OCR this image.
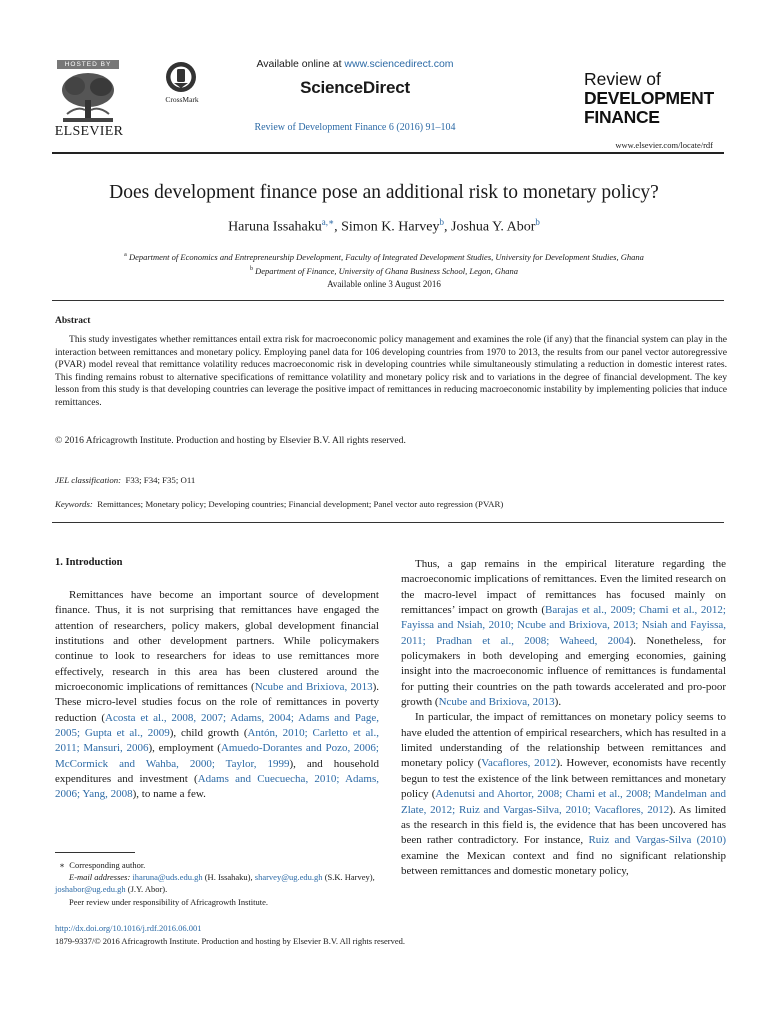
HOSTED BY
ELSEVIER
CrossMark
Available online at www.sciencedirect.com
ScienceDirect
Review of Development Finance 6 (2016) 91–104
Review of
DEVELOPMENT
FINANCE
www.elsevier.com/locate/rdf
Does development finance pose an additional risk to monetary policy?
Haruna Issahaku$^{a,∗}$, Simon K. Harvey$^b$, Joshua Y. Abor$^b$
$^a$ Department of Economics and Entrepreneurship Development, Faculty of Integrated Development Studies, University for Development Studies, Ghana
$^b$ Department of Finance, University of Ghana Business School, Legon, Ghana
Available online 3 August 2016
Abstract
This study investigates whether remittances entail extra risk for macroeconomic policy management and examines the role (if any) that the financial system can play in the interaction between remittances and monetary policy. Employing panel data for 106 developing countries from 1970 to 2013, the results from our panel vector autoregressive (PVAR) model reveal that remittance volatility reduces macroeconomic risk in developing countries while simultaneously stimulating a reduction in domestic interest rates. This finding remains robust to alternative specifications of remittance volatility and monetary policy risk and to variations in the degree of financial development. The key lesson from this study is that developing countries can leverage the positive impact of remittances in reducing macroeconomic instability by implementing policies that induce remittances.
© 2016 Africagrowth Institute. Production and hosting by Elsevier B.V. All rights reserved.
JEL classification: F33; F34; F35; O11
Keywords: Remittances; Monetary policy; Developing countries; Financial development; Panel vector auto regression (PVAR)
1. Introduction

Remittances have become an important source of development finance. Thus, it is not surprising that remittances have engaged the attention of researchers, policy makers, global development financial institutions and other development partners. While policymakers continue to look to researchers for ideas to use remittances more effectively, research in this area has been clustered around the microeconomic implications of remittances (Ncube and Brixiova, 2013). These micro-level studies focus on the role of remittances in poverty reduction (Acosta et al., 2008, 2007; Adams, 2004; Adams and Page, 2005; Gupta et al., 2009), child growth (Antón, 2010; Carletto et al., 2011; Mansuri, 2006), employment (Amuedo-Dorantes and Pozo, 2006; McCormick and Wahba, 2000; Taylor, 1999), and household expenditures and investment (Adams and Cuecuecha, 2010; Adams, 2006; Yang, 2008), to name a few.

Thus, a gap remains in the empirical literature regarding the macroeconomic implications of remittances. Even the limited research on the macro-level impact of remittances has focused mainly on remittances’ impact on growth (Barajas et al., 2009; Chami et al., 2012; Fayissa and Nsiah, 2010; Ncube and Brixiova, 2013; Nsiah and Fayissa, 2011; Pradhan et al., 2008; Waheed, 2004). Nonetheless, for policymakers in both developing and emerging economies, gaining insight into the macroeconomic influence of remittances is fundamental for putting their countries on the path towards accelerated and pro-poor growth (Ncube and Brixiova, 2013).

In particular, the impact of remittances on monetary policy seems to have eluded the attention of empirical researchers, which has resulted in a limited understanding of the relationship between remittances and monetary policy (Vacaflores, 2012). However, economists have recently begun to test the existence of the link between remittances and monetary policy (Adenutsi and Ahortor, 2008; Chami et al., 2008; Mandelman and Zlate, 2012; Ruiz and Vargas-Silva, 2010; Vacaflores, 2012). As limited as the research in this field is, the evidence that has been uncovered has been rather contradictory. For instance, Ruiz and Vargas-Silva (2010) examine the Mexican context and find no significant relationship between remittances and domestic monetary policy,

∗ Corresponding author.
E-mail addresses: iharuna@uds.edu.gh (H. Issahaku), sharvey@ug.edu.gh (S.K. Harvey), joshabor@ug.edu.gh (J.Y. Abor).
Peer review under responsibility of Africagrowth Institute.
http://dx.doi.org/10.1016/j.rdf.2016.06.001
1879-9337/© 2016 Africagrowth Institute. Production and hosting by Elsevier B.V. All rights reserved.
